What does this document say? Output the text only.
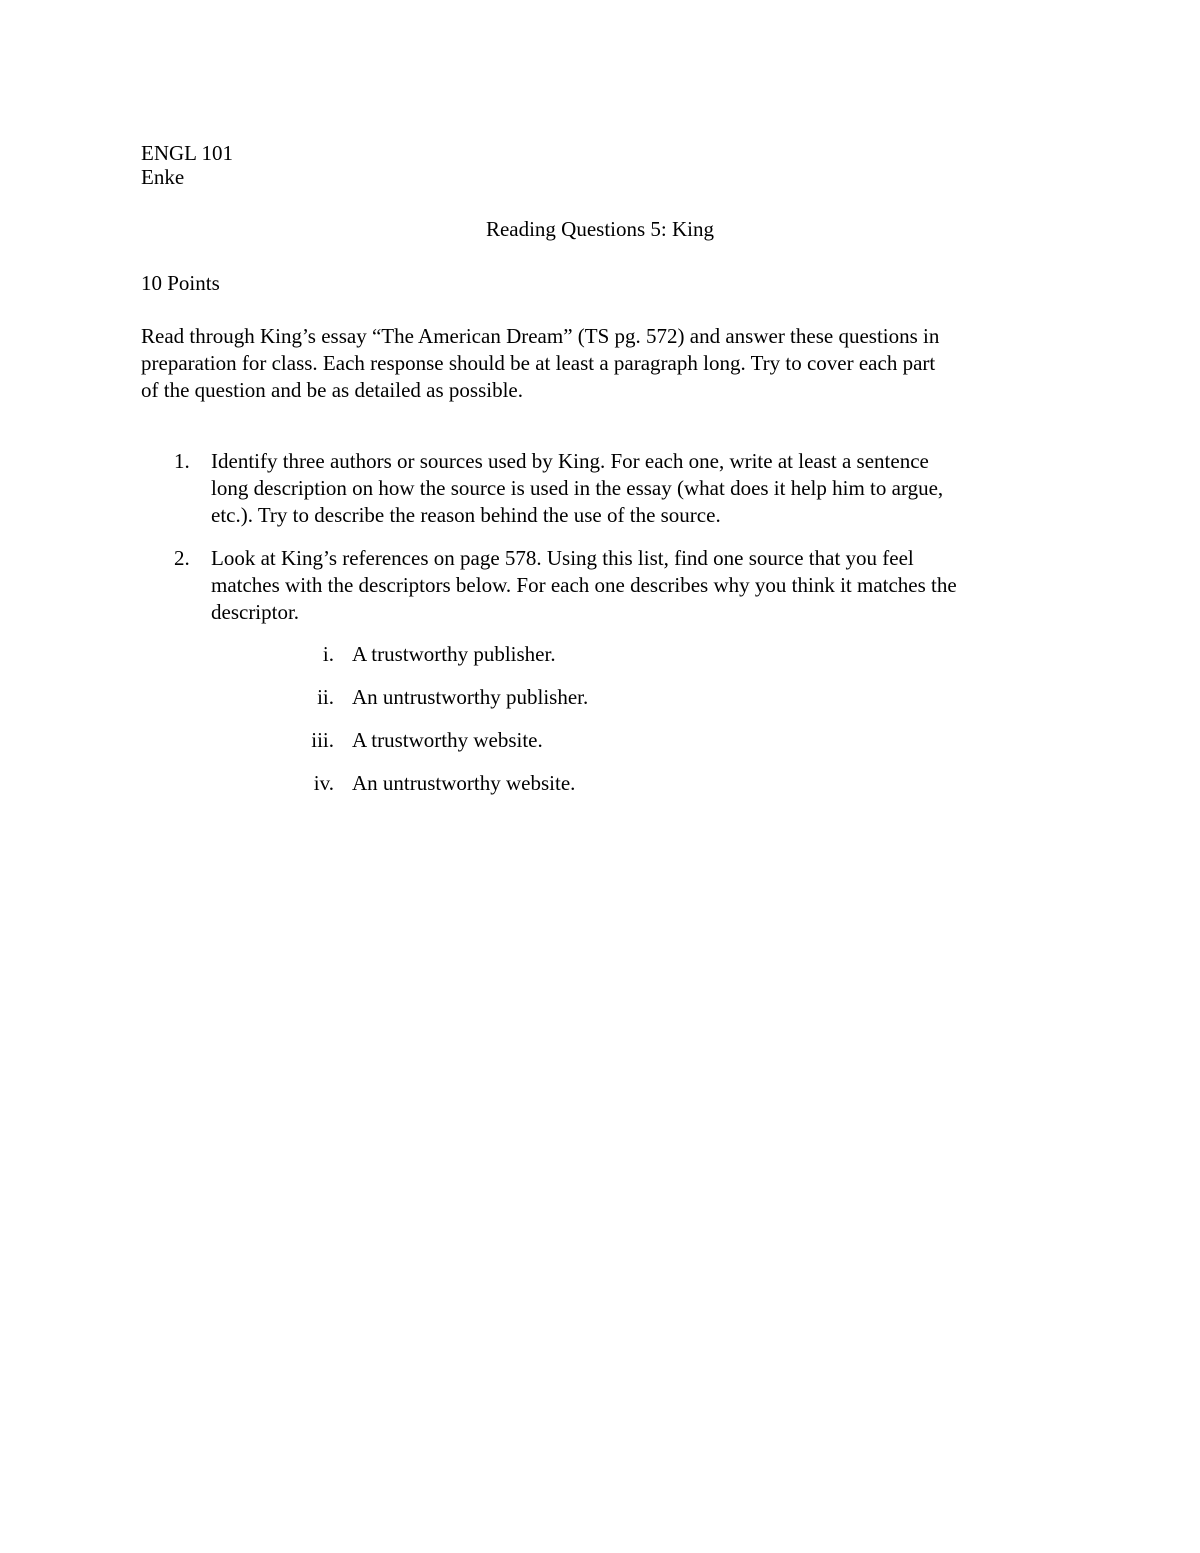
ENGL 101
Enke
Reading Questions 5: King
10 Points
Read through King’s essay “The American Dream” (TS pg. 572) and answer these questions in
preparation for class. Each response should be at least a paragraph long. Try to cover each part
of the question and be as detailed as possible.
1. Identify three authors or sources used by King. For each one, write at least a sentence
long description on how the source is used in the essay (what does it help him to argue,
etc.). Try to describe the reason behind the use of the source.
2. Look at King’s references on page 578. Using this list, find one source that you feel
matches with the descriptors below. For each one describes why you think it matches the
descriptor.
i. A trustworthy publisher.
ii. An untrustworthy publisher.
iii. A trustworthy website.
iv. An untrustworthy website.
